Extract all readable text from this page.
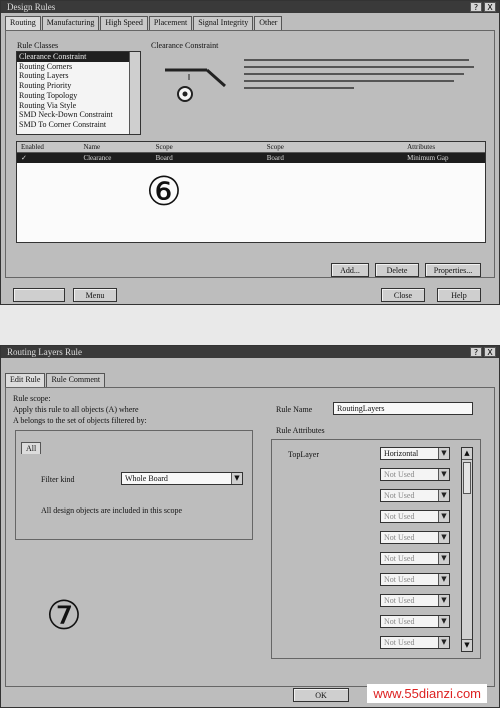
Design Rules	?	X
Routing	Manufacturing	High Speed	Placement	Signal Integrity	Other
Rule Classes
Clearance Constraint
Routing Corners
Routing Layers
Routing Priority
Routing Topology
Routing Via Style
SMD Neck-Down Constraint
SMD To Corner Constraint
Clearance Constraint
Enabled	Name	Scope	Scope	Attributes
✓	Clearance	Board	Board	Minimum Gap
⑥
Add...	Delete	Properties...
Menu	Close	Help
Routing Layers Rule	?	X
Edit Rule	Rule Comment
Rule scope:
Apply this rule to all objects (A) where
A belongs to the set of objects filtered by:
All
Filter kind	Whole Board	▼
All design objects are included in this scope
Rule Name	RoutingLayers
Rule Attributes
TopLayer	Horizontal	▼
Not Used	▼
Not Used	▼
Not Used	▼
Not Used	▼
Not Used	▼
Not Used	▼
Not Used	▼
Not Used	▼
Not Used	▼
▲
▼
⑦
OK	www.55dianzi.com
